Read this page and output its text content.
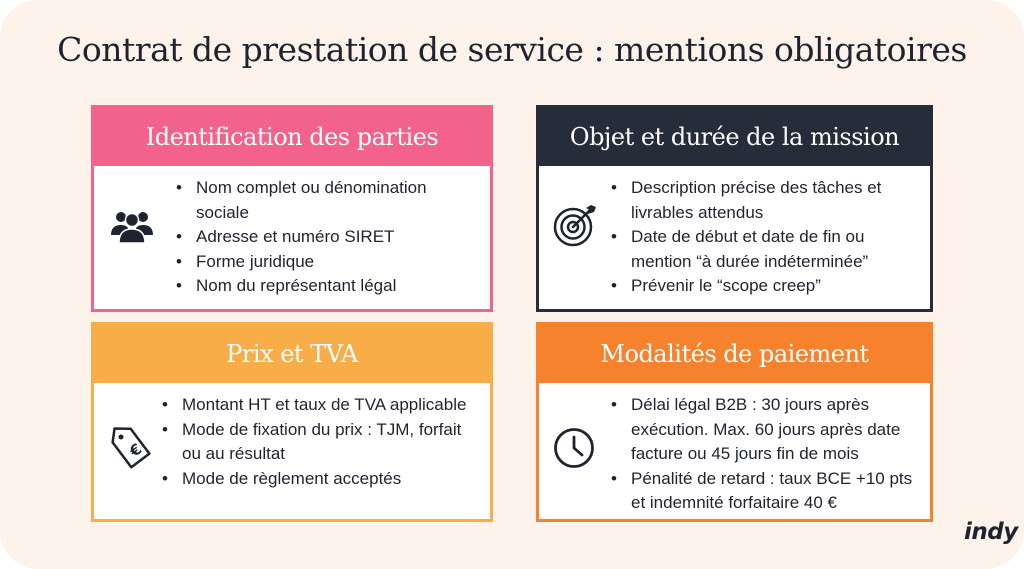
Contrat de prestation de service : mentions obligatoires
Identification des parties
• Nom complet ou dénomination sociale
• Adresse et numéro SIRET
• Forme juridique
• Nom du représentant légal
Objet et durée de la mission
• Description précise des tâches et livrables attendus
• Date de début et date de fin ou mention “à durée indéterminée”
• Prévenir le “scope creep”
Prix et TVA
€
• Montant HT et taux de TVA applicable
• Mode de fixation du prix : TJM, forfait ou au résultat
• Mode de règlement acceptés
Modalités de paiement
• Délai légal B2B : 30 jours après exécution. Max. 60 jours après date facture ou 45 jours fin de mois
• Pénalité de retard : taux BCE +10 pts et indemnité forfaitaire 40 €
indy
